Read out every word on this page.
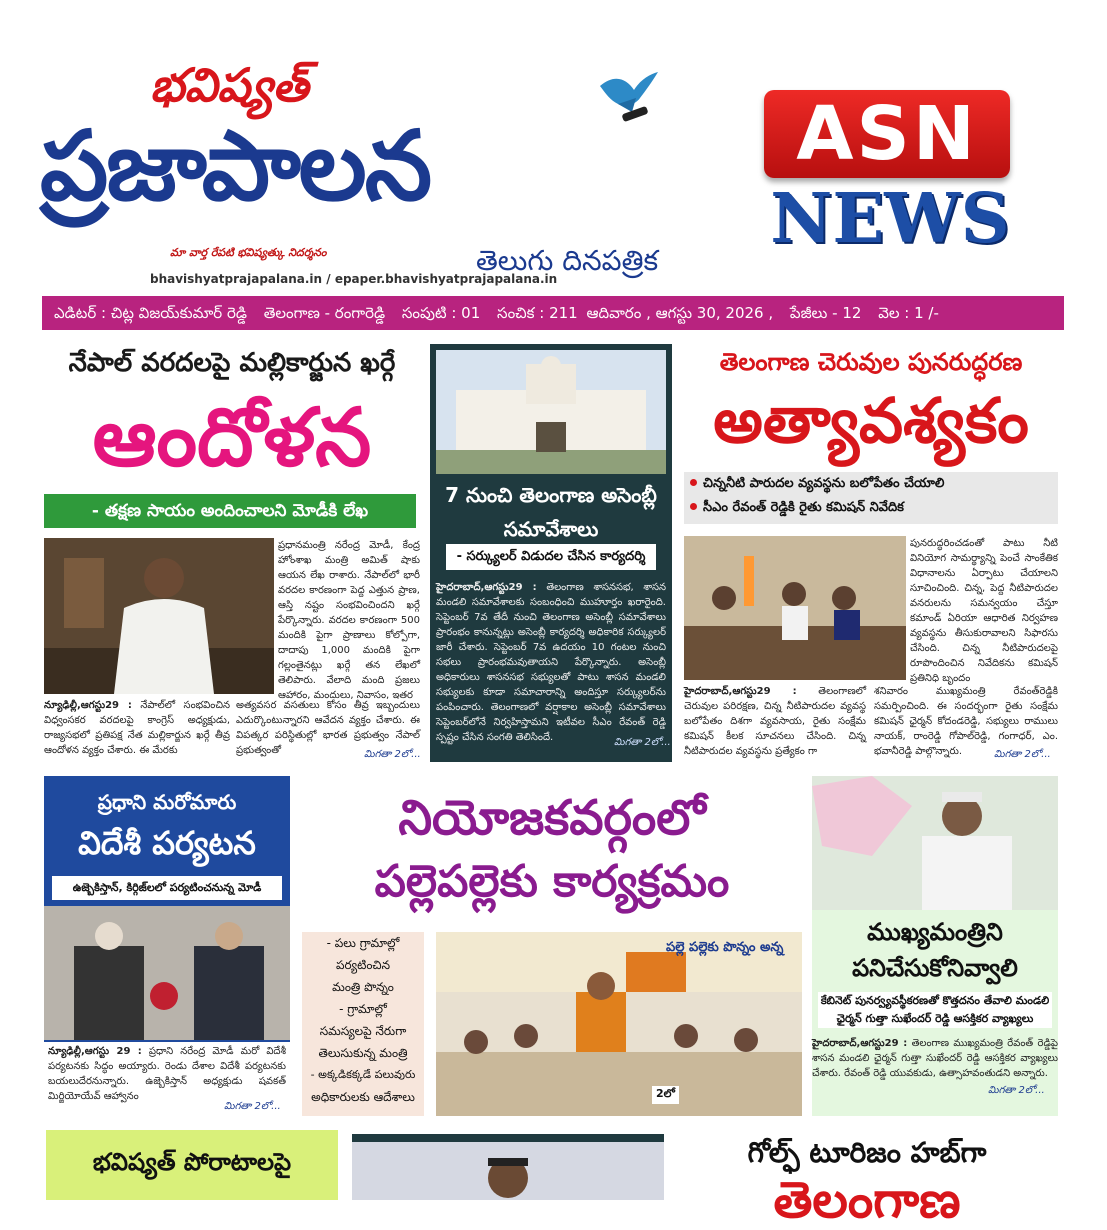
భవిష్యత్
ప్రజాపాలన
మా వార్త రేపటి భవిష్యత్కు నిదర్శనం	తెలుగు దినపత్రిక
bhavishyatprajapalana.in / epaper.bhavishyatprajapalana.in
ASN
NEWS
ఎడిటర్ : చిట్ల విజయ్‌కుమార్ రెడ్డి తెలంగాణ - రంగారెడ్డి సంపుటి : 01 సంచిక : 211 ఆదివారం , ఆగస్టు 30, 2026 , పేజీలు - 12 వెల : 1 /-
నేపాల్ వరదలపై మల్లికార్జున ఖర్గే
ఆందోళన
- తక్షణ సాయం అందించాలని మోడీకి లేఖ
ప్రధానమంత్రి నరేంద్ర మోడీ, కేంద్ర హోంశాఖ మంత్రి అమిత్ షాకు ఆయన లేఖ రాశారు. నేపాల్‌లో భారీ వరదల కారణంగా పెద్ద ఎత్తున ప్రాణ, ఆస్తి నష్టం సంభవించిందని ఖర్గే పేర్కొన్నారు. వరదల కారణంగా 500 మందికి పైగా ప్రాణాలు కోల్పోగా, దాదాపు 1,000 మందికి పైగా గల్లంతైనట్లు ఖర్గే తన లేఖలో తెలిపారు. వేలాది మంది ప్రజలు ఆహారం, మందులు, నివాసం, ఇతర
న్యూఢిల్లీ,ఆగస్టు29 : నేపాల్‌లో సంభవించిన విధ్వంసకర వరదలపై కాంగ్రెస్ అధ్యక్షుడు, రాజ్యసభలో ప్రతిపక్ష నేత మల్లికార్జున ఖర్గే తీవ్ర ఆందోళన వ్యక్తం చేశారు. ఈ మేరకు
అత్యవసర వసతులు కోసం తీవ్ర ఇబ్బందులు ఎదుర్కొంటున్నారని ఆవేదన వ్యక్తం చేశారు. ఈ విపత్కర పరిస్థితుల్లో భారత ప్రభుత్వం నేపాల్ ప్రభుత్వంతో	మిగతా 2లో...
7 నుంచి తెలంగాణ అసెంబ్లీ సమావేశాలు
- సర్క్యులర్ విడుదల చేసిన కార్యదర్శి
హైదరాబాద్,ఆగస్టు29 : తెలంగాణ శాసనసభ, శాసన మండలి సమావేశాలకు సంబంధించి ముహూర్తం ఖరారైంది. సెప్టెంబర్ 7వ తేదీ నుంచి తెలంగాణ అసెంబ్లీ సమావేశాలు ప్రారంభం కానున్నట్లు అసెంబ్లీ కార్యదర్శి అధికారిక సర్క్యులర్ జారీ చేశారు. సెప్టెంబర్ 7వ ఉదయం 10 గంటల నుంచి సభలు ప్రారంభమవుతాయని పేర్కొన్నారు. అసెంబ్లీ అధికారులు శాసనసభ సభ్యులతో పాటు శాసన మండలి సభ్యులకు కూడా సమాచారాన్ని అందిస్తూ సర్క్యులర్‌ను పంపించారు. తెలంగాణలో వర్షాకాల అసెంబ్లీ సమావేశాలు సెప్టెంబర్‌లోనే నిర్వహిస్తామని ఇటీవల సీఎం రేవంత్ రెడ్డి స్పష్టం చేసిన సంగతి తెలిసిందే.	మిగతా 2లో...
తెలంగాణ చెరువుల పునరుద్ధరణ
అత్యావశ్యకం
చిన్ననీటి పారుదల వ్యవస్థను బలోపేతం చేయాలి
సీఎం రేవంత్ రెడ్డికి రైతు కమిషన్ నివేదిక
పునరుద్ధరించడంతో పాటు నీటి వినియోగ సామర్థ్యాన్ని పెంచే సాంకేతిక విధానాలను ఏర్పాటు చేయాలని సూచించింది. చిన్న, పెద్ద నీటిపారుదల వనరులను సమన్వయం చేస్తూ కమాండ్ ఏరియా ఆధారిత నిర్వహణ వ్యవస్థను తీసుకురావాలని సిఫారసు చేసింది. చిన్న నీటిపారుదలపై రూపొందించిన నివేదికను కమిషన్ ప్రతినిధి బృందం
హైదరాబాద్,ఆగస్టు29 : తెలంగాణలో చెరువుల పరిరక్షణ, చిన్న నీటిపారుదల వ్యవస్థ బలోపేతం దిశగా వ్యవసాయ, రైతు సంక్షేమ కమిషన్ కీలక సూచనలు చేసింది. చిన్న నీటిపారుదల వ్యవస్థను ప్రత్యేకం గా
శనివారం ముఖ్యమంత్రి రేవంత్‌రెడ్డికి సమర్పించింది. ఈ సందర్భంగా రైతు సంక్షేమ కమిషన్ ఛైర్మన్ కోదండరెడ్డి, సభ్యులు రాములు నాయక్, రాంరెడ్డి గోపాల్‌రెడ్డి, గంగాధర్, ఎం. భవానీరెడ్డి పాల్గొన్నారు.	మిగతా 2లో...
ప్రధాని మరోమారు
విదేశీ పర్యటన
ఉజ్బెకిస్తాన్, కిర్గిజ్‌లలో పర్యటించనున్న మోడీ
న్యూఢిల్లీ,ఆగస్టు 29 : ప్రధాని నరేంద్ర మోడీ మరో విదేశీ పర్యటనకు సిద్ధం అయ్యారు. రెండు దేశాల విదేశీ పర్యటనకు బయలుదేరనున్నారు. ఉజ్బెకిస్తాన్ అధ్యక్షుడు షవకత్ మిర్జియోయేవ్ ఆహ్వానం
మిగతా 2లో...
నియోజకవర్గంలో
పల్లెపల్లెకు కార్యక్రమం
- పలు గ్రామాల్లో
పర్యటించిన
మంత్రి పొన్నం
- గ్రామాల్లో
సమస్యలపై నేరుగా
తెలుసుకున్న మంత్రి
- అక్కడికక్కడే పలువురు
అధికారులకు ఆదేశాలు
పల్లె పల్లెకు పొన్నం అన్న
2లో
ముఖ్యమంత్రిని పనిచేసుకోనివ్వాలి
కేబినెట్ పునర్వ్యవస్థీకరణతో కొత్తదనం తేవాలి మండలి ఛైర్మన్ గుత్తా సుఖేందర్ రెడ్డి ఆసక్తికర వ్యాఖ్యలు
హైదరాబాద్,ఆగస్టు29 : తెలంగాణ ముఖ్యమంత్రి రేవంత్ రెడ్డిపై శాసన మండలి ఛైర్మన్ గుత్తా సుఖేందర్ రెడ్డి ఆసక్తికర వ్యాఖ్యలు చేశారు. రేవంత్ రెడ్డి యువకుడు, ఉత్సాహవంతుడని అన్నారు.
మిగతా 2లో...
భవిష్యత్ పోరాటాలపై	గోల్ఫ్ టూరిజం హబ్‌గా
తెలంగాణ
